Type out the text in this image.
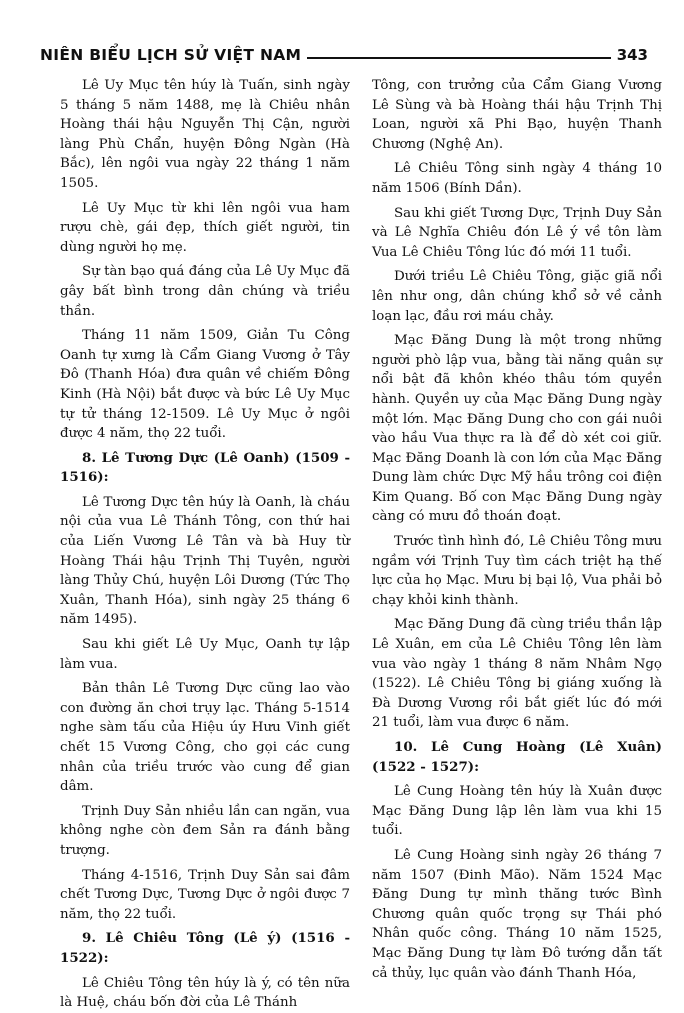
NIÊN BIỂU LỊCH SỬ VIỆT NAM	343

Lê Uy Mục tên húy là Tuấn, sinh ngày 5 tháng 5 năm 1488, mẹ là Chiêu nhân Hoàng thái hậu Nguyễn Thị Cận, người làng Phù Chẩn, huyện Đông Ngàn (Hà Bắc), lên ngôi vua ngày 22 tháng 1 năm 1505.

Lê Uy Mục từ khi lên ngôi vua ham rượu chè, gái đẹp, thích giết người, tin dùng người họ mẹ.

Sự tàn bạo quá đáng của Lê Uy Mục đã gây bất bình trong dân chúng và triều thần.

Tháng 11 năm 1509, Giản Tu Công Oanh tự xưng là Cẩm Giang Vương ở Tây Đô (Thanh Hóa) đưa quân về chiếm Đông Kinh (Hà Nội) bắt được và bức Lê Uy Mục tự tử tháng 12-1509. Lê Uy Mục ở ngôi được 4 năm, thọ 22 tuổi.

8. Lê Tương Dực (Lê Oanh) (1509 - 1516):

Lê Tương Dực tên húy là Oanh, là cháu nội của vua Lê Thánh Tông, con thứ hai của Liến Vương Lê Tân và bà Huy từ Hoàng Thái hậu Trịnh Thị Tuyên, người làng Thủy Chú, huyện Lôi Dương (Tức Thọ Xuân, Thanh Hóa), sinh ngày 25 tháng 6 năm 1495).

Sau khi giết Lê Uy Mục, Oanh tự lập làm vua.

Bản thân Lê Tương Dực cũng lao vào con đường ăn chơi trụy lạc. Tháng 5-1514 nghe sàm tấu của Hiệu úy Hưu Vinh giết chết 15 Vương Công, cho gọi các cung nhân của triều trước vào cung để gian dâm.

Trịnh Duy Sản nhiều lần can ngăn, vua không nghe còn đem Sản ra đánh bằng trượng.

Tháng 4-1516, Trịnh Duy Sản sai đâm chết Tương Dực, Tương Dực ở ngôi được 7 năm, thọ 22 tuổi.

9. Lê Chiêu Tông (Lê ý) (1516 - 1522):

Lê Chiêu Tông tên húy là ý, có tên nữa là Huệ, cháu bốn đời của Lê Thánh

Tông, con trưởng của Cẩm Giang Vương Lê Sùng và bà Hoàng thái hậu Trịnh Thị Loan, người xã Phi Bạo, huyện Thanh Chương (Nghệ An).

Lê Chiêu Tông sinh ngày 4 tháng 10 năm 1506 (Bính Dần).

Sau khi giết Tương Dực, Trịnh Duy Sản và Lê Nghĩa Chiêu đón Lê ý về tôn làm Vua Lê Chiêu Tông lúc đó mới 11 tuổi.

Dưới triều Lê Chiêu Tông, giặc giã nổi lên như ong, dân chúng khổ sở về cảnh loạn lạc, đầu rơi máu chảy.

Mạc Đăng Dung là một trong những người phò lập vua, bằng tài năng quân sự nổi bật đã khôn khéo thâu tóm quyền hành. Quyền uy của Mạc Đăng Dung ngày một lớn. Mạc Đăng Dung cho con gái nuôi vào hầu Vua thực ra là để dò xét coi giữ. Mạc Đăng Doanh là con lớn của Mạc Đăng Dung làm chức Dực Mỹ hầu trông coi điện Kim Quang. Bố con Mạc Đăng Dung ngày càng có mưu đồ thoán đoạt.

Trước tình hình đó, Lê Chiêu Tông mưu ngầm với Trịnh Tuy tìm cách triệt hạ thế lực của họ Mạc. Mưu bị bại lộ, Vua phải bỏ chạy khỏi kinh thành.

Mạc Đăng Dung đã cùng triều thần lập Lê Xuân, em của Lê Chiêu Tông lên làm vua vào ngày 1 tháng 8 năm Nhâm Ngọ (1522). Lê Chiêu Tông bị giáng xuống là Đà Dương Vương rồi bắt giết lúc đó mới 21 tuổi, làm vua được 6 năm.

10. Lê Cung Hoàng (Lê Xuân) (1522 - 1527):

Lê Cung Hoàng tên húy là Xuân được Mạc Đăng Dung lập lên làm vua khi 15 tuổi.

Lê Cung Hoàng sinh ngày 26 tháng 7 năm 1507 (Đinh Mão). Năm 1524 Mạc Đăng Dung tự mình thăng tước Bình Chương quân quốc trọng sự Thái phó Nhân quốc công. Tháng 10 năm 1525, Mạc Đăng Dung tự làm Đô tướng dẫn tất cả thủy, lục quân vào đánh Thanh Hóa,
